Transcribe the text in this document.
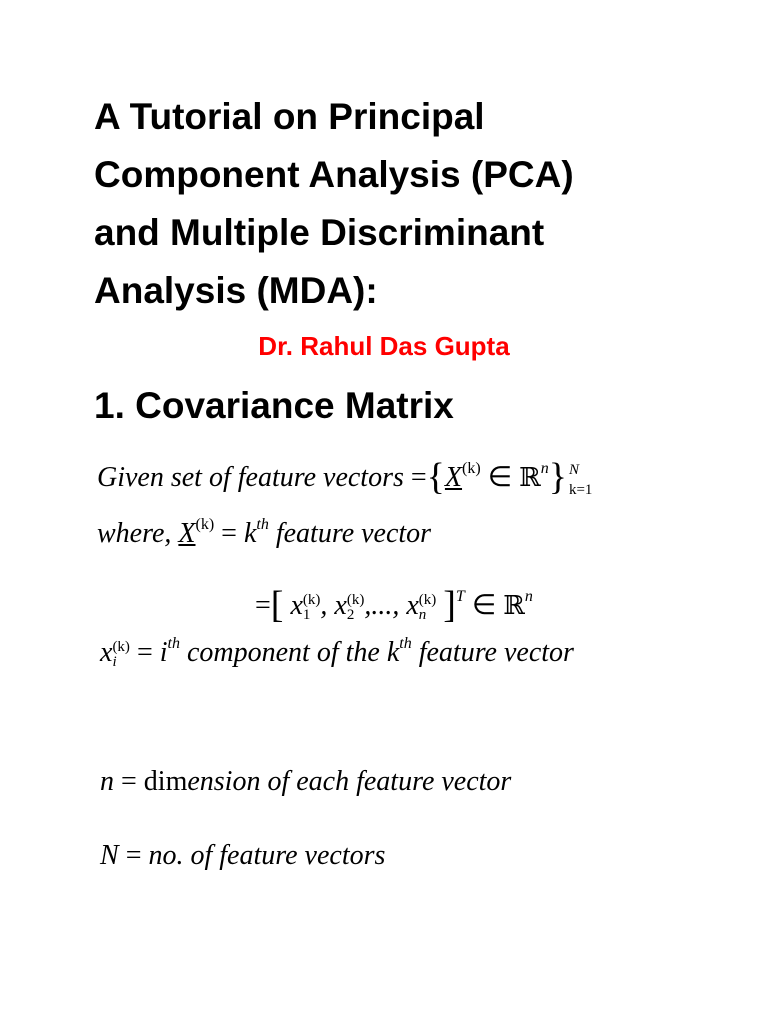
A Tutorial on Principal
Component Analysis (PCA)
and Multiple Discriminant
Analysis (MDA):

Dr. Rahul Das Gupta

1. Covariance Matrix
Given set of feature vectors $=\{X^{(k)}$ ∈ ℝ$^n$} N
k=1
where, $X^{(k)} = k^{th}$ feature vector
=[ x (k)
1 , x (k)
2 ,..., x (k)
n ]$^T$ ∈ ℝ$^n$
x (k)
$i = i^{th}$ component of the $k^{th}$ feature vector
n = dimension of each feature vector
N = no. of feature vectors
